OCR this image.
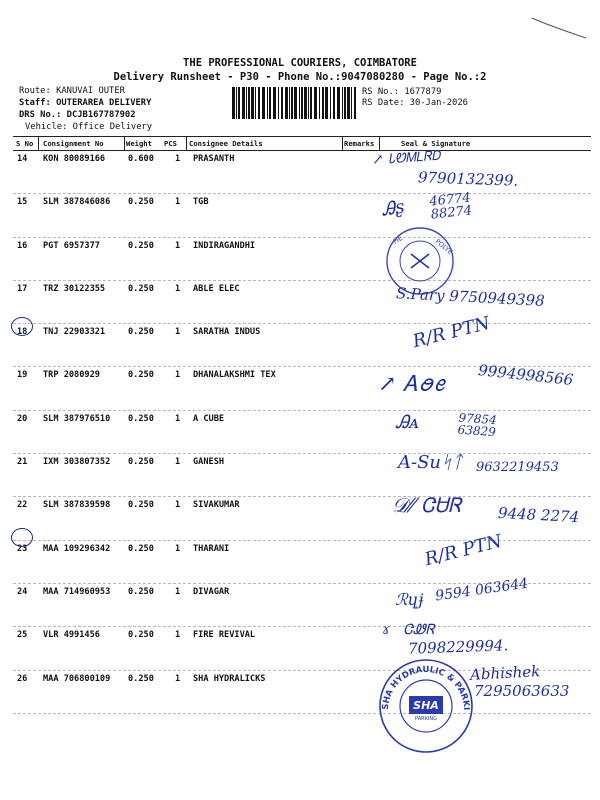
THE PROFESSIONAL COURIERS, COIMBATORE
Delivery Runsheet - P30 - Phone No.:9047080280 - Page No.:2
Route: KANUVAI OUTER
Staff: OUTERAREA DELIVERY
DRS No.: DCJB167787902
Vehicle: Office Delivery
RS No.: 1677879
RS Date: 30-Jan-2026
S No Consignment No	Weight PCS Consignee Details	Remarks	Seal & Signature
14 KON 80089166	0.600 1 PRASANTH
15 SLM 387846086 0.250 1 TGB
16 PGT 6957377	0.250 1 INDIRAGANDHI
17 TRZ 30122355	0.250 1 ABLE ELEC
18 TNJ 22903321	0.250 1 SARATHA INDUS
19 TRP 2080929	0.250 1 DHANALAKSHMI TEX
20 SLM 387976510 0.250 1 A CUBE
21 IXM 303807352 0.250 1 GANESH
22 SLM 387839598 0.250 1 SIVAKUMAR
23 MAA 109296342 0.250 1 THARANI
24 MAA 714960953 0.250 1 DIVAGAR
25 VLR 4991456	0.250 1 FIRE REVIVAL
26 MAA 706800109 0.250 1 SHA HYDRALICKS
↗ ᏓᏬᎷᏞᏒᎠ
9790132399.
Ꭿʂ 46774 88274
HE	POLYE
S.Pary 9750949398
R/R PTN
↗ Ꭺꪮꫀ 9994998566
Ꭿᴀ	97854 63829
A-Suᛋᛏ 9632219453
𝒟⁄⁄ ᏣᏌᏒ 9448 2274
R/R PTN
ℛɥɉ 9594 063644
ɤ   ᏣᏪᏒ
7098229994.
SHA HYDRAULIC & PARKI
SHA
PARKING
Abhishek
7295063633
